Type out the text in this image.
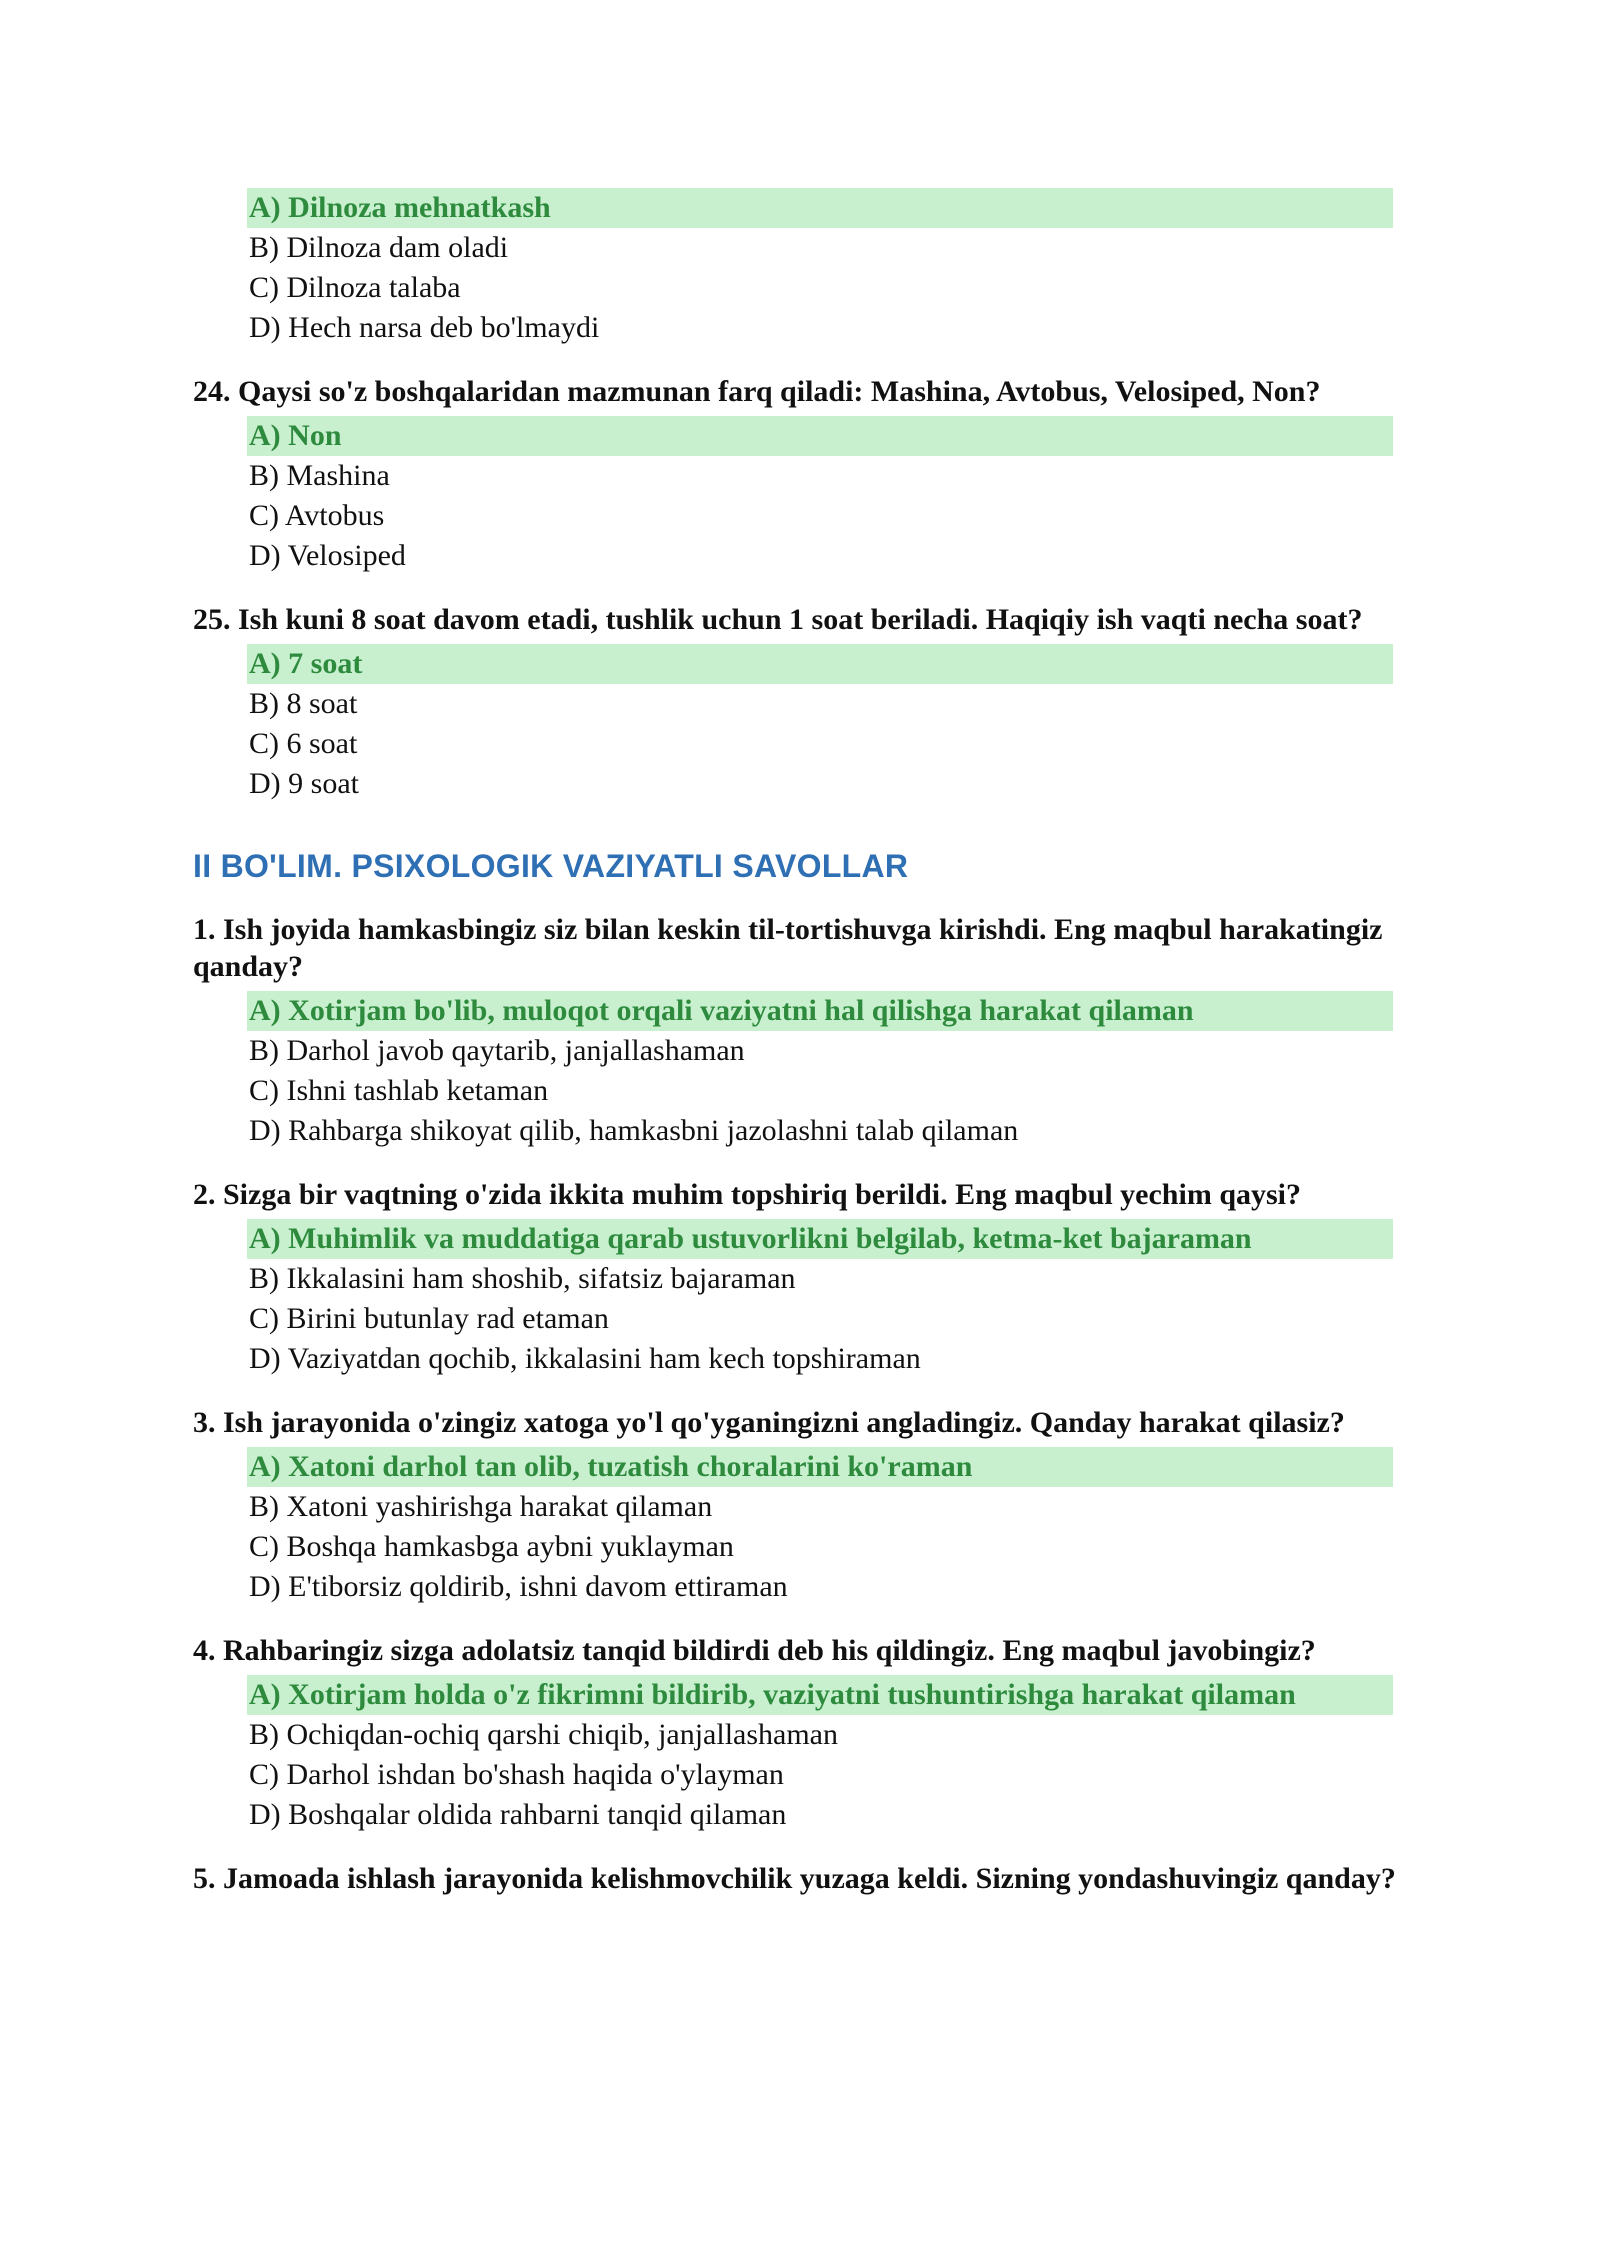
A) Dilnoza mehnatkash
B) Dilnoza dam oladi
C) Dilnoza talaba
D) Hech narsa deb bo'lmaydi
24. Qaysi so'z boshqalaridan mazmunan farq qiladi: Mashina, Avtobus, Velosiped, Non?
A) Non
B) Mashina
C) Avtobus
D) Velosiped
25. Ish kuni 8 soat davom etadi, tushlik uchun 1 soat beriladi. Haqiqiy ish vaqti necha soat?
A) 7 soat
B) 8 soat
C) 6 soat
D) 9 soat
II BO'LIM. PSIXOLOGIK VAZIYATLI SAVOLLAR
1. Ish joyida hamkasbingiz siz bilan keskin til-tortishuvga kirishdi. Eng maqbul harakatingiz qanday?
A) Xotirjam bo'lib, muloqot orqali vaziyatni hal qilishga harakat qilaman
B) Darhol javob qaytarib, janjallashaman
C) Ishni tashlab ketaman
D) Rahbarga shikoyat qilib, hamkasbni jazolashni talab qilaman
2. Sizga bir vaqtning o'zida ikkita muhim topshiriq berildi. Eng maqbul yechim qaysi?
A) Muhimlik va muddatiga qarab ustuvorlikni belgilab, ketma-ket bajaraman
B) Ikkalasini ham shoshib, sifatsiz bajaraman
C) Birini butunlay rad etaman
D) Vaziyatdan qochib, ikkalasini ham kech topshiraman
3. Ish jarayonida o'zingiz xatoga yo'l qo'yganingizni angladingiz. Qanday harakat qilasiz?
A) Xatoni darhol tan olib, tuzatish choralarini ko'raman
B) Xatoni yashirishga harakat qilaman
C) Boshqa hamkasbga aybni yuklayman
D) E'tiborsiz qoldirib, ishni davom ettiraman
4. Rahbaringiz sizga adolatsiz tanqid bildirdi deb his qildingiz. Eng maqbul javobingiz?
A) Xotirjam holda o'z fikrimni bildirib, vaziyatni tushuntirishga harakat qilaman
B) Ochiqdan-ochiq qarshi chiqib, janjallashaman
C) Darhol ishdan bo'shash haqida o'ylayman
D) Boshqalar oldida rahbarni tanqid qilaman
5. Jamoada ishlash jarayonida kelishmovchilik yuzaga keldi. Sizning yondashuvingiz qanday?
